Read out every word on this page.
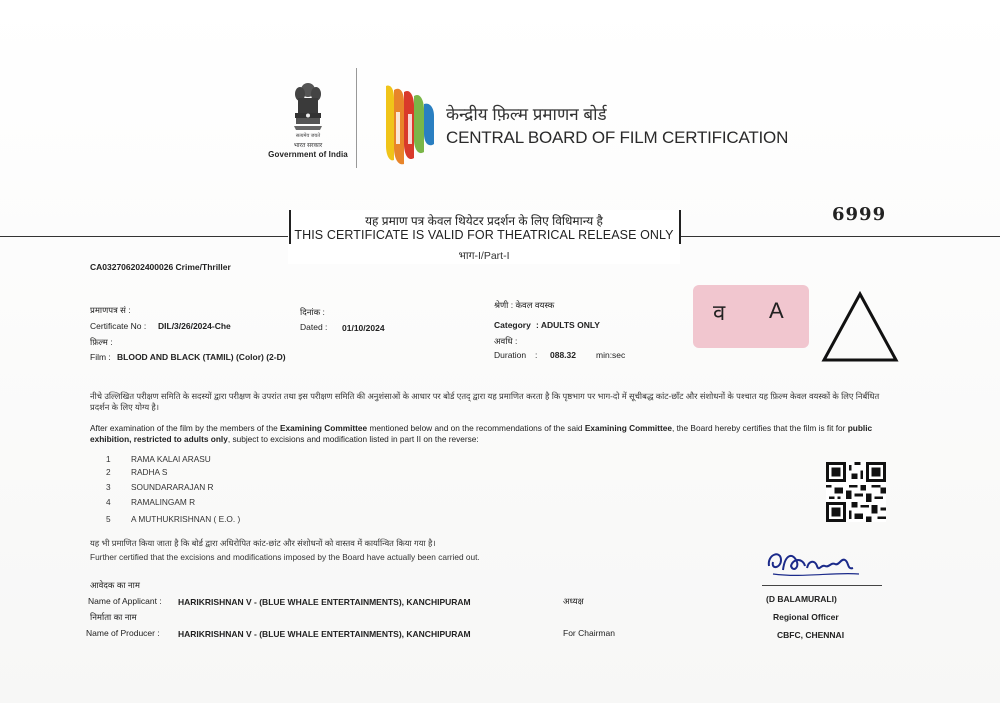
सत्यमेव जयते
भारत सरकार
Government of India
केन्द्रीय फ़िल्म प्रमाणन बोर्ड
CENTRAL BOARD OF FILM CERTIFICATION
6999
यह प्रमाण पत्र केवल थियेटर प्रदर्शन के लिए विधिमान्य है
THIS CERTIFICATE IS VALID FOR THEATRICAL RELEASE ONLY
भाग-I/Part-I
CA032706202400026 Crime/Thriller
प्रमाणपत्र सं :
Certificate No : DIL/3/26/2024-Che
दिनांक :
Dated : 01/10/2024
श्रेणी : केवल वयस्क
Category : ADULTS ONLY
अवधि :
Duration : 088.32 min:sec
फ़िल्म :
Film : BLOOD AND BLACK (TAMIL) (Color) (2-D)
व A
नीचे उल्लिखित परीक्षण समिति के सदस्यों द्वारा परीक्षण के उपरांत तथा इस परीक्षण समिति की अनुशंसाओं के आधार पर बोर्ड एतद् द्वारा यह प्रमाणित करता है कि पृष्ठभाग पर भाग-दो में सूचीबद्ध कांट-छाँट और संशोधनों के पश्चात यह फ़िल्म केवल वयस्कों के लिए निर्बंधित प्रदर्शन के लिए योग्य है।
After examination of the film by the members of the Examining Committee mentioned below and on the recommendations of the said Examining Committee, the Board hereby certifies that the film is fit for public exhibition, restricted to adults only, subject to excisions and modification listed in part II on the reverse:
1 RAMA KALAI ARASU
2 RADHA S
3 SOUNDARARAJAN R
4 RAMALINGAM R
5 A MUTHUKRISHNAN ( E.O. )
यह भी प्रमाणित किया जाता है कि बोर्ड द्वारा अधिरोपित कांट-छांट और संशोधनों को वास्तव में कार्यान्वित किया गया है।
Further certified that the excisions and modifications imposed by the Board have actually been carried out.
आवेदक का नाम
Name of Applicant : HARIKRISHNAN V - (BLUE WHALE ENTERTAINMENTS), KANCHIPURAM
निर्माता का नाम
Name of Producer : HARIKRISHNAN V - (BLUE WHALE ENTERTAINMENTS), KANCHIPURAM
अध्यक्ष
For Chairman
(D BALAMURALI)
Regional Officer
CBFC, CHENNAI
